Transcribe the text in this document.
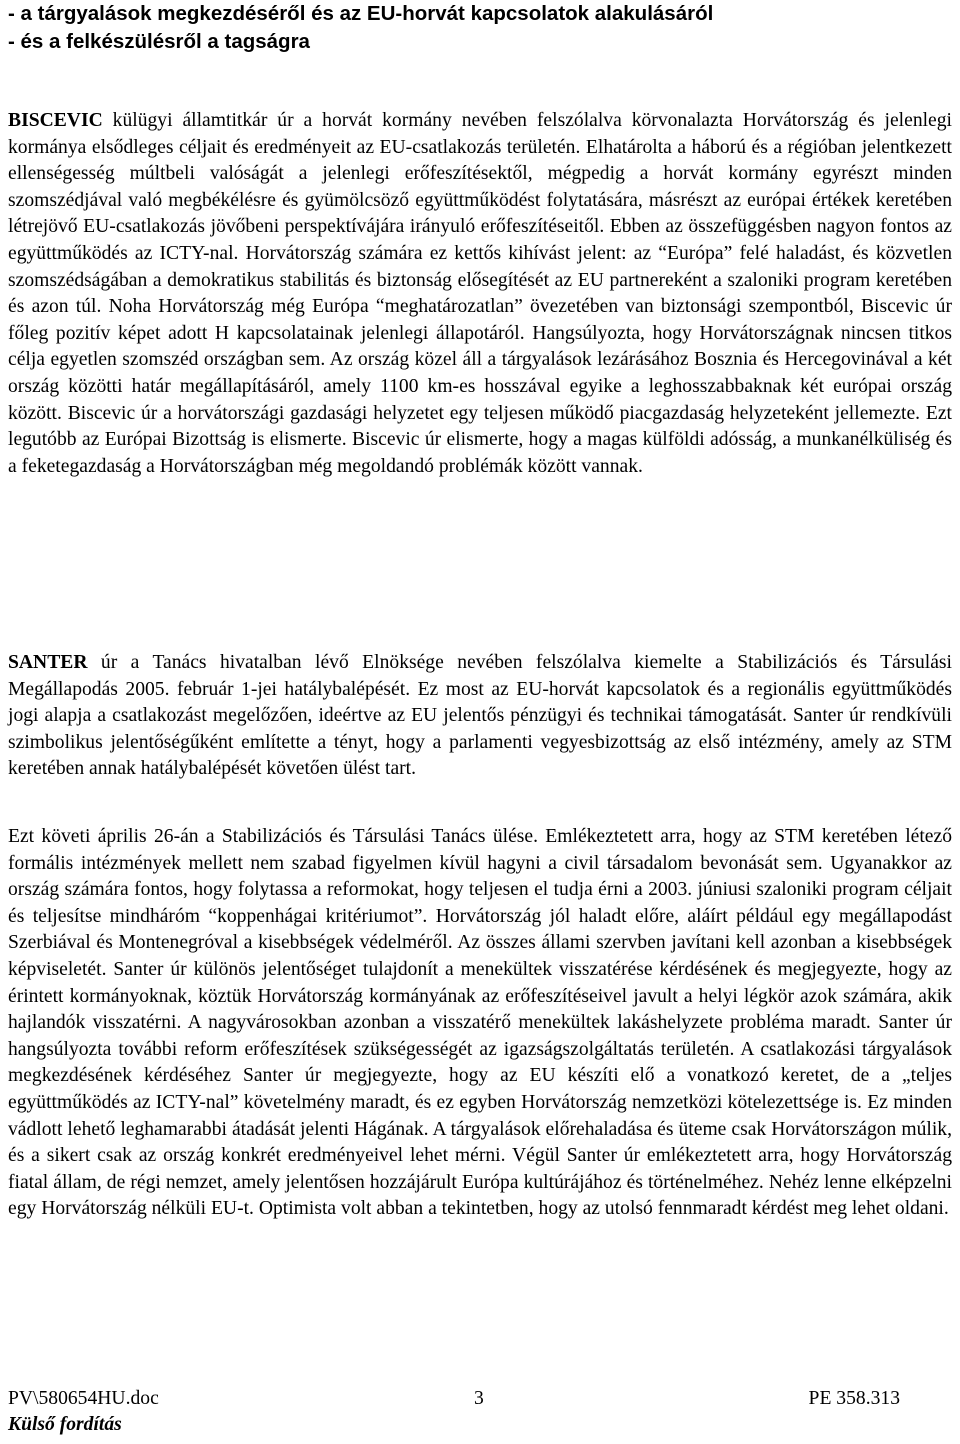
- a tárgyalások megkezdéséről és az EU-horvát kapcsolatok alakulásáról
- és a felkészülésről a tagságra

BISCEVIC külügyi államtitkár úr a horvát kormány nevében felszólalva körvonalazta Horvátország és jelenlegi kormánya elsődleges céljait és eredményeit az EU-csatlakozás területén. Elhatárolta a háború és a régióban jelentkezett ellenségesség múltbeli valóságát a jelenlegi erőfeszítésektől, mégpedig a horvát kormány egyrészt minden szomszédjával való megbékélésre és gyümölcsöző együttműködést folytatására, másrészt az európai értékek keretében létrejövő EU-csatlakozás jövőbeni perspektívájára irányuló erőfeszítéseitől. Ebben az összefüggésben nagyon fontos az együttműködés az ICTY-nal. Horvátország számára ez kettős kihívást jelent: az “Európa” felé haladást, és közvetlen szomszédságában a demokratikus stabilitás és biztonság elősegítését az EU partnereként a szaloniki program keretében és azon túl. Noha Horvátország még Európa “meghatározatlan” övezetében van biztonsági szempontból, Biscevic úr főleg pozitív képet adott H kapcsolatainak jelenlegi állapotáról. Hangsúlyozta, hogy Horvátországnak nincsen titkos célja egyetlen szomszéd országban sem. Az ország közel áll a tárgyalások lezárásához Bosznia és Hercegovinával a két ország közötti határ megállapításáról, amely 1100 km-es hosszával egyike a leghosszabbaknak két európai ország között. Biscevic úr a horvátországi gazdasági helyzetet egy teljesen működő piacgazdaság helyzeteként jellemezte. Ezt legutóbb az Európai Bizottság is elismerte. Biscevic úr elismerte, hogy a magas külföldi adósság, a munkanélküliség és a feketegazdaság a Horvátországban még megoldandó problémák között vannak.

SANTER úr a Tanács hivatalban lévő Elnöksége nevében felszólalva kiemelte a Stabilizációs és Társulási Megállapodás 2005. február 1-jei hatálybalépését. Ez most az EU-horvát kapcsolatok és a regionális együttműködés jogi alapja a csatlakozást megelőzően, ideértve az EU jelentős pénzügyi és technikai támogatását. Santer úr rendkívüli szimbolikus jelentőségűként említette a tényt, hogy a parlamenti vegyesbizottság az első intézmény, amely az STM keretében annak hatálybalépését követően ülést tart.

Ezt követi április 26-án a Stabilizációs és Társulási Tanács ülése. Emlékeztetett arra, hogy az STM keretében létező formális intézmények mellett nem szabad figyelmen kívül hagyni a civil társadalom bevonását sem. Ugyanakkor az ország számára fontos, hogy folytassa a reformokat, hogy teljesen el tudja érni a 2003. júniusi szaloniki program céljait és teljesítse mindháróm “koppenhágai kritériumot”. Horvátország jól haladt előre, aláírt például egy megállapodást Szerbiával és Montenegróval a kisebbségek védelméről. Az összes állami szervben javítani kell azonban a kisebbségek képviseletét. Santer úr különös jelentőséget tulajdonít a menekültek visszatérése kérdésének és megjegyezte, hogy az érintett kormányoknak, köztük Horvátország kormányának az erőfeszítéseivel javult a helyi légkör azok számára, akik hajlandók visszatérni. A nagyvárosokban azonban a visszatérő menekültek lakáshelyzete probléma maradt. Santer úr hangsúlyozta további reform erőfeszítések szükségességét az igazságszolgáltatás területén. A csatlakozási tárgyalások megkezdésének kérdéséhez Santer úr megjegyezte, hogy az EU készíti elő a vonatkozó keretet, de a „teljes együttműködés az ICTY-nal” követelmény maradt, és ez egyben Horvátország nemzetközi kötelezettsége is. Ez minden vádlott lehető leghamarabbi átadását jelenti Hágának. A tárgyalások előrehaladása és üteme csak Horvátországon múlik, és a sikert csak az ország konkrét eredményeivel lehet mérni. Végül Santer úr emlékeztetett arra, hogy Horvátország fiatal állam, de régi nemzet, amely jelentősen hozzájárult Európa kultúrájához és történelméhez. Nehéz lenne elképzelni egy Horvátország nélküli EU-t. Optimista volt abban a tekintetben, hogy az utolsó fennmaradt kérdést meg lehet oldani.

PV\580654HU.doc	3	PE 358.313
Külső fordítás
